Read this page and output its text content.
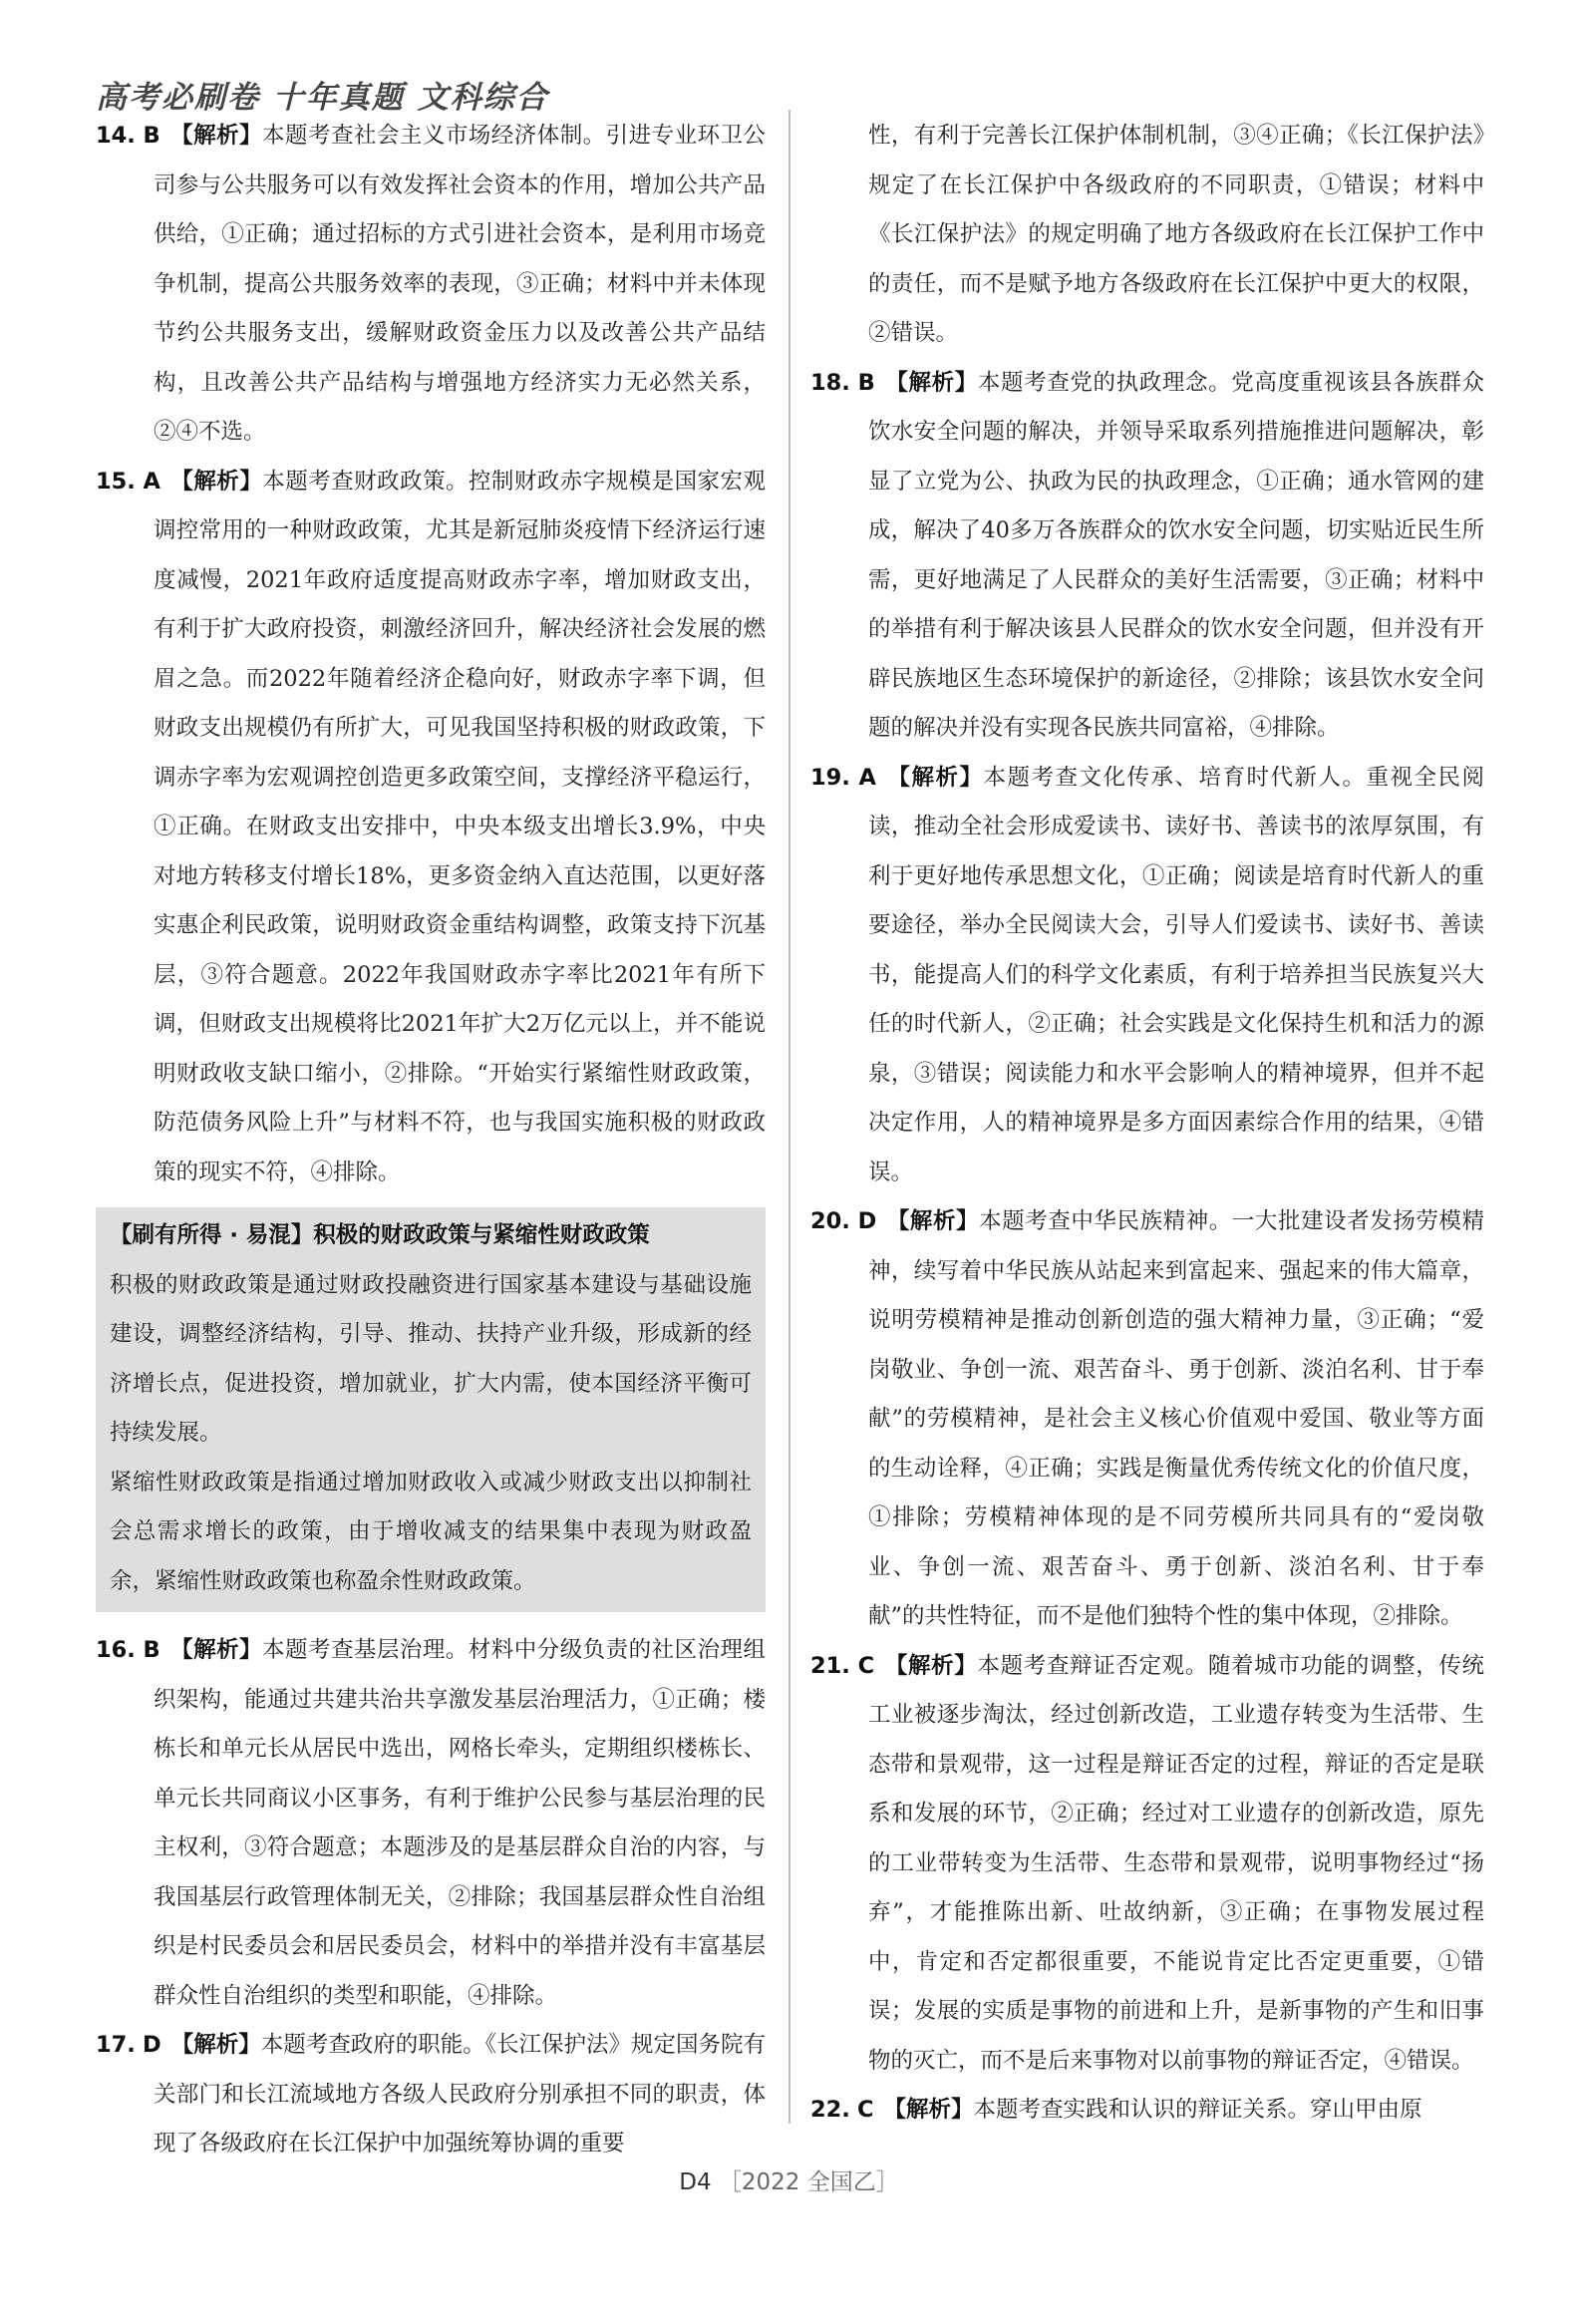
高考必刷卷 十年真题 文科综合
14. B 【解析】本题考查社会主义市场经济体制。引进专业环卫公司参与公共服务可以有效发挥社会资本的作用，增加公共产品供给，①正确；通过招标的方式引进社会资本，是利用市场竞争机制，提高公共服务效率的表现，③正确；材料中并未体现节约公共服务支出，缓解财政资金压力以及改善公共产品结构，且改善公共产品结构与增强地方经济实力无必然关系，②④不选。
15. A 【解析】本题考查财政政策。控制财政赤字规模是国家宏观调控常用的一种财政政策，尤其是新冠肺炎疫情下经济运行速度减慢，2021年政府适度提高财政赤字率，增加财政支出，有利于扩大政府投资，刺激经济回升，解决经济社会发展的燃眉之急。而2022年随着经济企稳向好，财政赤字率下调，但财政支出规模仍有所扩大，可见我国坚持积极的财政政策，下调赤字率为宏观调控创造更多政策空间，支撑经济平稳运行，①正确。在财政支出安排中，中央本级支出增长3.9%，中央对地方转移支付增长18%，更多资金纳入直达范围，以更好落实惠企利民政策，说明财政资金重结构调整，政策支持下沉基层，③符合题意。2022年我国财政赤字率比2021年有所下调，但财政支出规模将比2021年扩大2万亿元以上，并不能说明财政收支缺口缩小，②排除。“开始实行紧缩性财政政策，防范债务风险上升”与材料不符，也与我国实施积极的财政政策的现实不符，④排除。
【刷有所得 · 易混】积极的财政政策与紧缩性财政政策

积极的财政政策是通过财政投融资进行国家基本建设与基础设施建设，调整经济结构，引导、推动、扶持产业升级，形成新的经济增长点，促进投资，增加就业，扩大内需，使本国经济平衡可持续发展。

紧缩性财政政策是指通过增加财政收入或减少财政支出以抑制社会总需求增长的政策，由于增收减支的结果集中表现为财政盈余，紧缩性财政政策也称盈余性财政政策。

16. B 【解析】本题考查基层治理。材料中分级负责的社区治理组织架构，能通过共建共治共享激发基层治理活力，①正确；楼栋长和单元长从居民中选出，网格长牵头，定期组织楼栋长、单元长共同商议小区事务，有利于维护公民参与基层治理的民主权利，③符合题意；本题涉及的是基层群众自治的内容，与我国基层行政管理体制无关，②排除；我国基层群众性自治组织是村民委员会和居民委员会，材料中的举措并没有丰富基层群众性自治组织的类型和职能，④排除。
17. D 【解析】本题考查政府的职能。《长江保护法》规定国务院有关部门和长江流域地方各级人民政府分别承担不同的职责，体现了各级政府在长江保护中加强统筹协调的重要
性，有利于完善长江保护体制机制，③④正确；《长江保护法》规定了在长江保护中各级政府的不同职责，①错误；材料中《长江保护法》的规定明确了地方各级政府在长江保护工作中的责任，而不是赋予地方各级政府在长江保护中更大的权限，②错误。
18. B 【解析】本题考查党的执政理念。党高度重视该县各族群众饮水安全问题的解决，并领导采取系列措施推进问题解决，彰显了立党为公、执政为民的执政理念，①正确；通水管网的建成，解决了40多万各族群众的饮水安全问题，切实贴近民生所需，更好地满足了人民群众的美好生活需要，③正确；材料中的举措有利于解决该县人民群众的饮水安全问题，但并没有开辟民族地区生态环境保护的新途径，②排除；该县饮水安全问题的解决并没有实现各民族共同富裕，④排除。
19. A 【解析】本题考查文化传承、培育时代新人。重视全民阅读，推动全社会形成爱读书、读好书、善读书的浓厚氛围，有利于更好地传承思想文化，①正确；阅读是培育时代新人的重要途径，举办全民阅读大会，引导人们爱读书、读好书、善读书，能提高人们的科学文化素质，有利于培养担当民族复兴大任的时代新人，②正确；社会实践是文化保持生机和活力的源泉，③错误；阅读能力和水平会影响人的精神境界，但并不起决定作用，人的精神境界是多方面因素综合作用的结果，④错误。
20. D 【解析】本题考查中华民族精神。一大批建设者发扬劳模精神，续写着中华民族从站起来到富起来、强起来的伟大篇章，说明劳模精神是推动创新创造的强大精神力量，③正确；“爱岗敬业、争创一流、艰苦奋斗、勇于创新、淡泊名利、甘于奉献”的劳模精神，是社会主义核心价值观中爱国、敬业等方面的生动诠释，④正确；实践是衡量优秀传统文化的价值尺度，①排除；劳模精神体现的是不同劳模所共同具有的“爱岗敬业、争创一流、艰苦奋斗、勇于创新、淡泊名利、甘于奉献”的共性特征，而不是他们独特个性的集中体现，②排除。
21. C 【解析】本题考查辩证否定观。随着城市功能的调整，传统工业被逐步淘汰，经过创新改造，工业遗存转变为生活带、生态带和景观带，这一过程是辩证否定的过程，辩证的否定是联系和发展的环节，②正确；经过对工业遗存的创新改造，原先的工业带转变为生活带、生态带和景观带，说明事物经过“扬弃”，才能推陈出新、吐故纳新，③正确；在事物发展过程中，肯定和否定都很重要，不能说肯定比否定更重要，①错误；发展的实质是事物的前进和上升，是新事物的产生和旧事物的灭亡，而不是后来事物对以前事物的辩证否定，④错误。
22. C 【解析】本题考查实践和认识的辩证关系。穿山甲由原
D4 ［2022 全国乙］
